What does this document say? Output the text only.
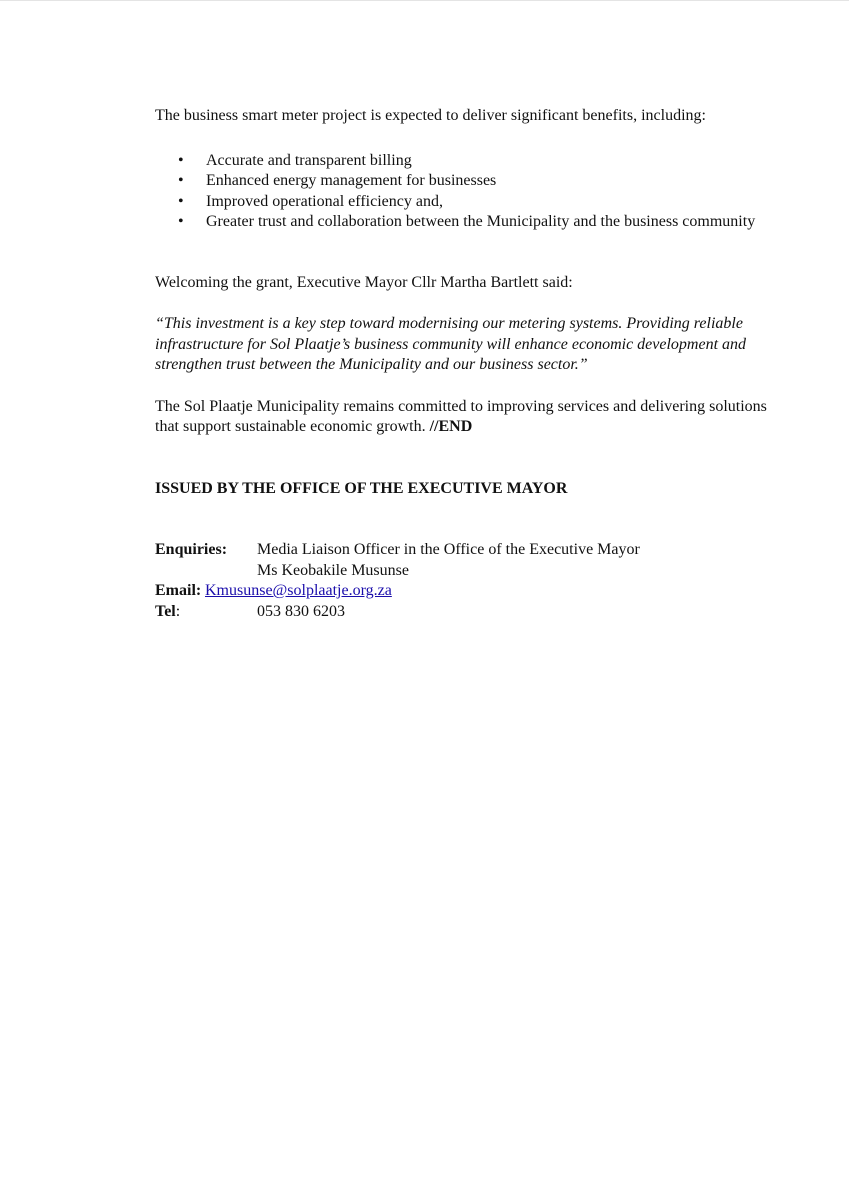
The business smart meter project is expected to deliver significant benefits, including:

• Accurate and transparent billing
• Enhanced energy management for businesses
• Improved operational efficiency and,
• Greater trust and collaboration between the Municipality and the business community

Welcoming the grant, Executive Mayor Cllr Martha Bartlett said:

“This investment is a key step toward modernising our metering systems. Providing reliable infrastructure for Sol Plaatje’s business community will enhance economic development and strengthen trust between the Municipality and our business sector.”

The Sol Plaatje Municipality remains committed to improving services and delivering solutions that support sustainable economic growth. //END

ISSUED BY THE OFFICE OF THE EXECUTIVE MAYOR

Enquiries:	Media Liaison Officer in the Office of the Executive Mayor
Ms Keobakile Musunse
Email: Kmusunse@solplaatje.org.za
Tel:	053 830 6203
